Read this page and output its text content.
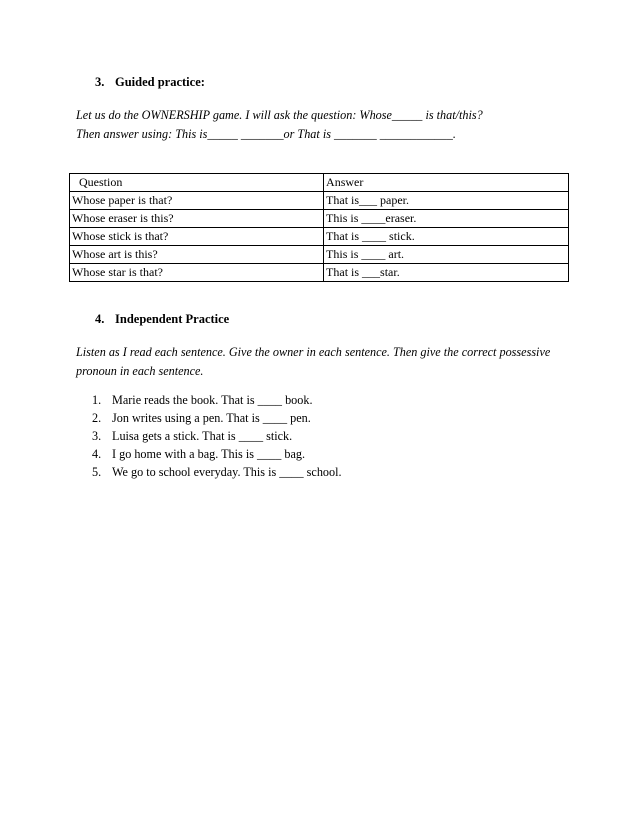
3. Guided practice:
Let us do the OWNERSHIP game. I will ask the question: Whose_____ is that/this?
Then answer using: This is_____ _______or That is _______ ____________.
Question	Answer
Whose paper is that?	That is___ paper.
Whose eraser is this?	This is ____eraser.
Whose stick is that?	That is ____ stick.
Whose art is this?	This is ____ art.
Whose star is that?	That is ___star.
4. Independent Practice
Listen as I read each sentence. Give the owner in each sentence. Then give the correct possessive
pronoun in each sentence.
1. Marie reads the book. That is ____ book.
2. Jon writes using a pen. That is ____ pen.
3. Luisa gets a stick. That is ____ stick.
4. I go home with a bag. This is ____ bag.
5. We go to school everyday. This is ____ school.
